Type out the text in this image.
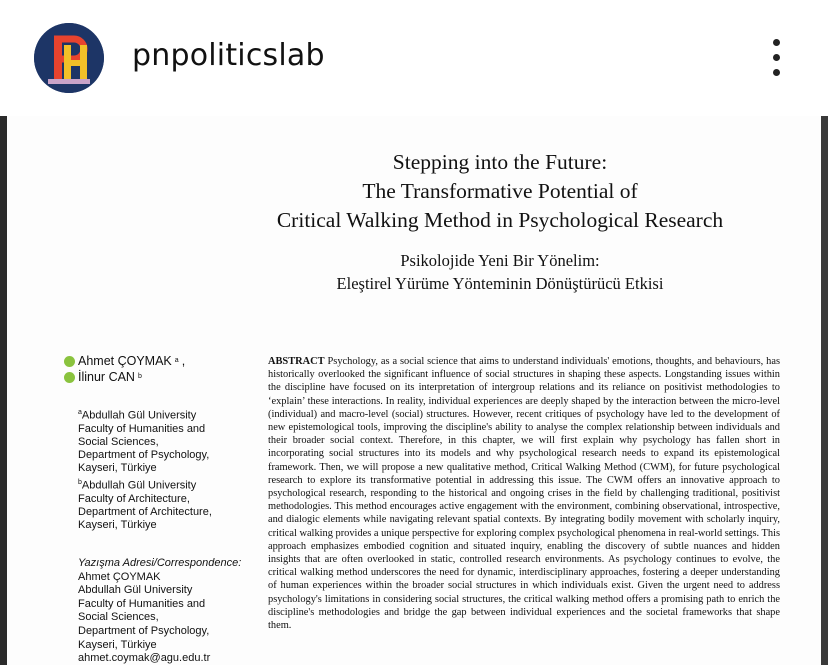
pnpoliticslab
Stepping into the Future:
The Transformative Potential of
Critical Walking Method in Psychological Research
Psikolojide Yeni Bir Yönelim:
Eleştirel Yürüme Yönteminin Dönüştürücü Etkisi
Ahmet ÇOYMAK a ,
İlinur CAN b
$^a$Abdullah Gül University
Faculty of Humanities and
Social Sciences,
Department of Psychology,
Kayseri, Türkiye
$^b$Abdullah Gül University
Faculty of Architecture,
Department of Architecture,
Kayseri, Türkiye
Yazışma Adresi/Correspondence:
Ahmet ÇOYMAK
Abdullah Gül University
Faculty of Humanities and
Social Sciences,
Department of Psychology,
Kayseri, Türkiye
ahmet.coymak@agu.edu.tr
ABSTRACT Psychology, as a social science that aims to understand individuals' emotions, thoughts, and behaviours, has historically overlooked the significant influence of social structures in shaping these aspects. Longstanding issues within the discipline have focused on its interpretation of intergroup relations and its reliance on positivist methodologies to ‘explain’ these interactions. In reality, individual experiences are deeply shaped by the interaction between the micro-level (individual) and macro-level (social) structures. However, recent critiques of psychology have led to the development of new epistemological tools, improving the discipline's ability to analyse the complex relationship between individuals and their broader social context. Therefore, in this chapter, we will first explain why psychology has fallen short in incorporating social structures into its models and why psychological research needs to expand its epistemological framework. Then, we will propose a new qualitative method, Critical Walking Method (CWM), for future psychological research to explore its transformative potential in addressing this issue. The CWM offers an innovative approach to psychological research, responding to the historical and ongoing crises in the field by challenging traditional, positivist methodologies. This method encourages active engagement with the environment, combining observational, introspective, and dialogic elements while navigating relevant spatial contexts. By integrating bodily movement with scholarly inquiry, critical walking provides a unique perspective for exploring complex psychological phenomena in real-world settings. This approach emphasizes embodied cognition and situated inquiry, enabling the discovery of subtle nuances and hidden insights that are often overlooked in static, controlled research environments. As psychology continues to evolve, the critical walking method underscores the need for dynamic, interdisciplinary approaches, fostering a deeper understanding of human experiences within the broader social structures in which individuals exist. Given the urgent need to address psychology's limitations in considering social structures, the critical walking method offers a promising path to enrich the discipline's methodologies and bridge the gap between individual experiences and the societal frameworks that shape them.
